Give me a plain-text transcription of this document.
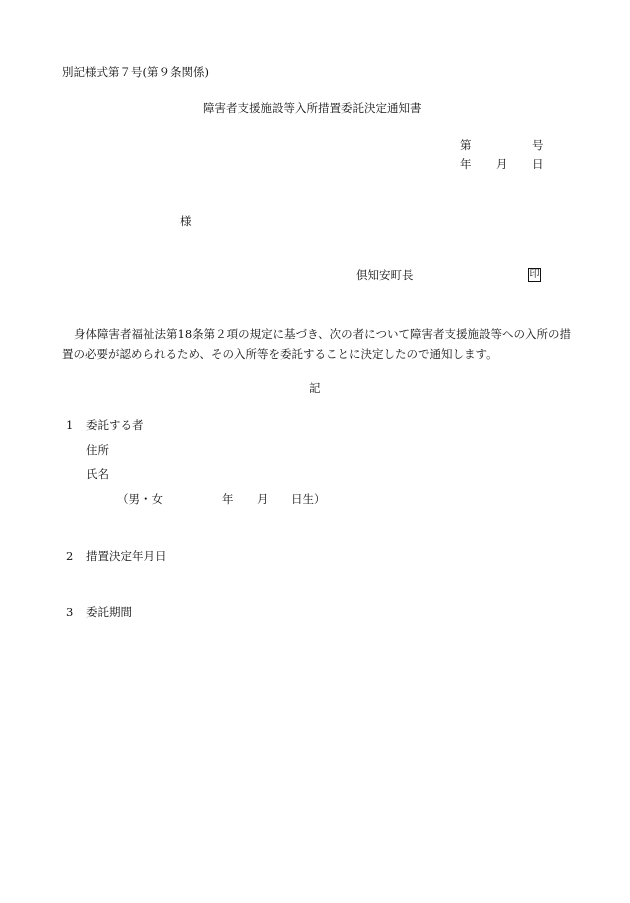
別記様式第７号(第９条関係)
障害者支援施設等入所措置委託決定通知書
第	号
年 月 日
様
倶知安町長	印
身体障害者福祉法第18条第２項の規定に基づき、次の者について障害者支援施設等への入所の措置の必要が認められるため、その入所等を委託することに決定したので通知します。
記
1 委託する者
住所
氏名
（男・女	年 月 日生）
2 措置決定年月日
3 委託期間
